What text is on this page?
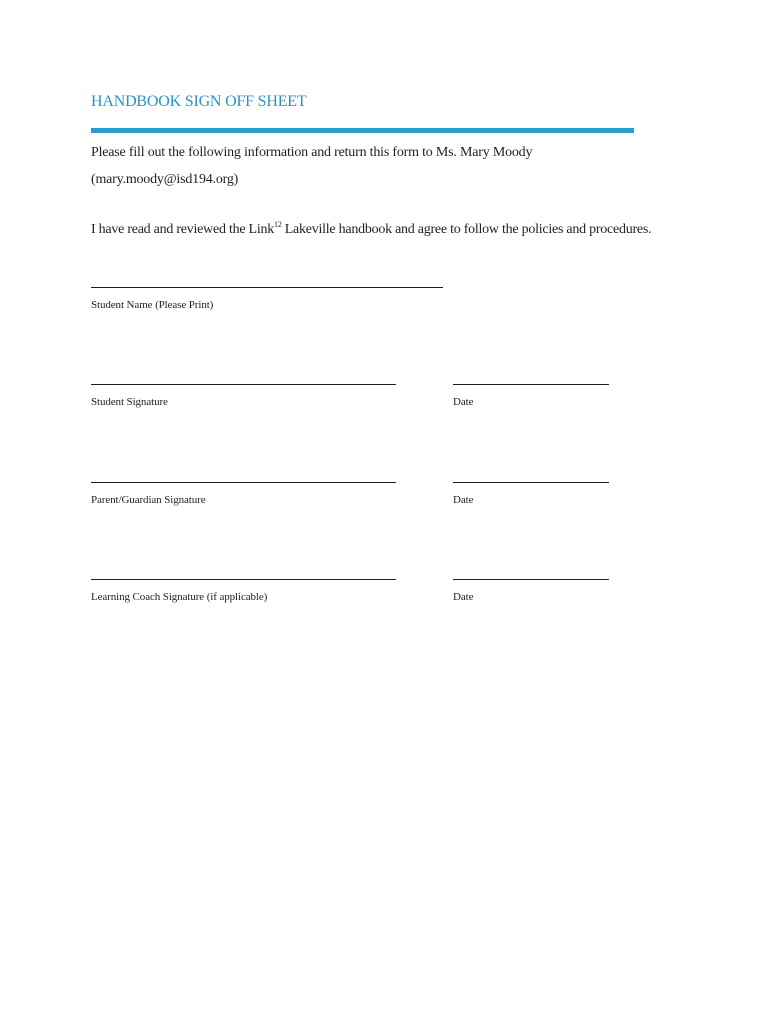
HANDBOOK SIGN OFF SHEET
Please fill out the following information and return this form to Ms. Mary Moody
(mary.moody@isd194.org)
I have read and reviewed the Link$^{12}$ Lakeville handbook and agree to follow the policies and procedures.
Student Name (Please Print)
Student Signature	Date
Parent/Guardian Signature	Date
Learning Coach Signature (if applicable)	Date
